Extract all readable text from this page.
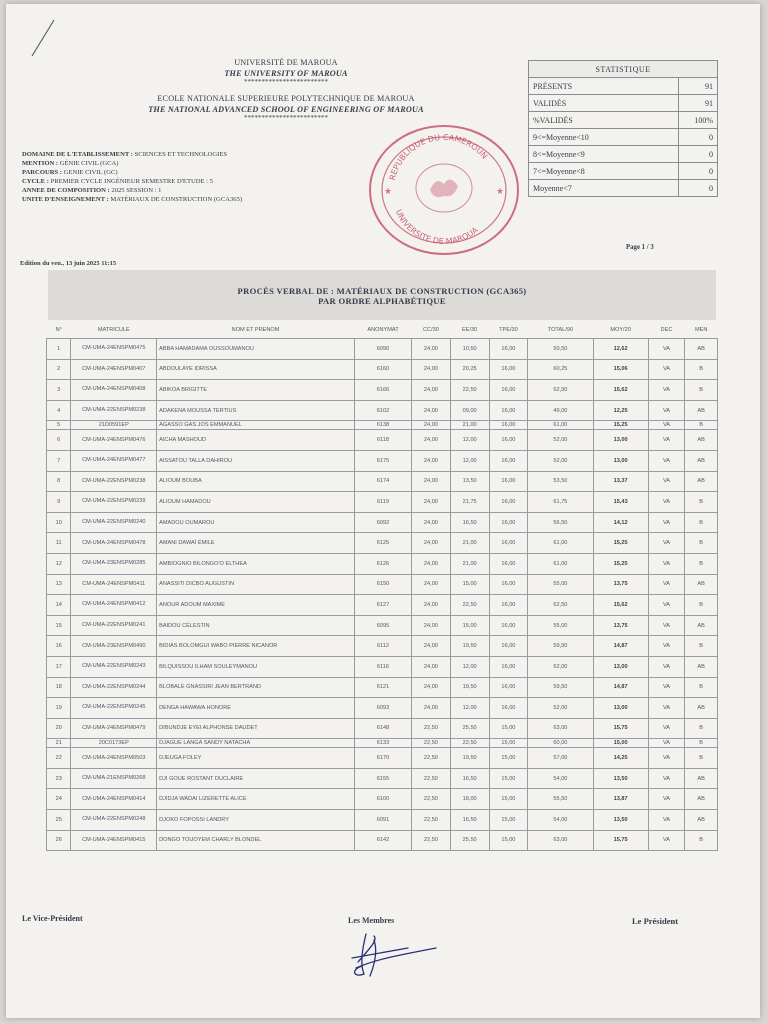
UNIVERSITÉ DE MAROUA
THE UNIVERSITY OF MAROUA
************************
ECOLE NATIONALE SUPERIEURE POLYTECHNIQUE DE MAROUA
THE NATIONAL ADVANCED SCHOOL OF ENGINEERING OF MAROUA
************************
DOMAINE DE L'ETABLISSEMENT : SCIENCES ET TECHNOLOGIES
MENTION : GÉNIE CIVIL (GCA)
PARCOURS : GENIE CIVIL (GC)
CYCLE : PREMIER CYCLE INGÉNIEUR SEMESTRE D'ETUDE : 5
ANNEE DE COMPOSITION : 2025 SESSION : 1
UNITE D'ENSEIGNEMENT : MATÉRIAUX DE CONSTRUCTION (GCA365)
STATISTIQUE	
PRÉSENTS	91
VALIDÉS	91
%VALIDÉS	100%
9<=Moyenne<10	0
8<=Moyenne<9	0
7<=Moyenne<8	0
Moyenne<7	0
REPUBLIQUE DU CAMEROUN
UNIVERSITE DE MAROUA
★	★
Edition du ven., 13 juin 2025 11:15
Page 1 / 3
PROCÈS VERBAL DE : MATÉRIAUX DE CONSTRUCTION (GCA365)
PAR ORDRE ALPHABÉTIQUE
N°	MATRICULE	NOM ET PRENOM	ANONYMAT	CC/30	EE/30	TPE/30	TOTAL/90	MOY/20	DEC	MEN
1	CM-UMA-24ENSPM0475	ABBA HAMADAMA OUSSOUMANOU	6090	24,00	10,50	16,00	50,50	12,62	VA	AB
2	CM-UMA-24ENSPM0407	ABDOULAYE IDRISSA	6160	24,00	20,25	16,00	60,25	15,06	VA	B
3	CM-UMA-24ENSPM0408	ABIKOA BRIGITTE	6166	24,00	22,50	16,00	62,50	15,62	VA	B
4	CM-UMA-22ENSPM0238	ADAKENA MOUSSA TERTIUS	6102	24,00	09,00	16,00	49,00	12,25	VA	AB
5	21D0591EP	AGASSO GAS JOS EMMANUEL	6138	24,00	21,00	16,00	61,00	15,25	VA	B
6	CM-UMA-24ENSPM0476	AICHA MASHOUD	6118	24,00	12,00	16,00	52,00	13,00	VA	AB
7	CM-UMA-24ENSPM0477	AISSATOU TALLA DAHIROU	6175	24,00	12,00	16,00	52,00	13,00	VA	AB
8	CM-UMA-22ENSPM0238	ALIOUM BOUBA	6174	24,00	13,50	16,00	53,50	13,37	VA	AB
9	CM-UMA-22ENSPM0239	ALIOUM HAMADOU	6119	24,00	21,75	16,00	61,75	15,43	VA	B
10	CM-UMA-22ENSPM0240	AMADOU OUMAROU	6092	24,00	16,50	16,00	56,50	14,12	VA	B
11	CM-UMA-24ENSPM0478	AMANI DAWAÏ ÉMILE	6125	24,00	21,00	16,00	61,00	15,25	VA	B
12	CM-UMA-23ENSPM0285	AMBIOGNIO BILONGO'O ELTHEA	6126	24,00	21,00	16,00	61,00	15,25	VA	B
13	CM-UMA-24ENSPM0411	ANASSITI DICBO AUGUSTIN	6150	24,00	15,00	16,00	55,00	13,75	VA	AB
14	CM-UMA-24ENSPM0412	ANOUR ADOUM MAXIME	6127	24,00	22,50	16,00	62,50	15,62	VA	B
15	CM-UMA-22ENSPM0241	BAIDOU CÉLESTIN	6095	24,00	15,00	16,00	55,00	13,75	VA	AB
16	CM-UMA-23ENSPM0490	BIDIAS BOLOMGUI WABO PIERRE NICANOR	6112	24,00	19,50	16,00	59,50	14,87	VA	B
17	CM-UMA-22ENSPM0243	BILQUISSOU ILHAM SOULEYMANOU	6116	24,00	12,00	16,00	52,00	13,00	VA	AB
18	CM-UMA-22ENSPM0244	BLOBALE GNASSIRI JEAN BERTRAND	6121	24,00	19,50	16,00	59,50	14,87	VA	B
19	CM-UMA-22ENSPM0245	DENGA HAWAWA HONORE	6093	24,00	12,00	16,00	52,00	13,00	VA	AB
20	CM-UMA-24ENSPM0479	DIBUNDJE EYEI ALPHONSE DAUDET	6148	22,50	25,50	15,00	63,00	15,75	VA	B
21	20C0173EP	DJAGUE LANGA SANDY NATACHA	6133	22,50	22,50	15,00	60,00	15,00	VA	B
22	CM-UMA-24ENSPM0503	DJEUGA FOLEY	6170	22,50	19,50	15,00	57,00	14,25	VA	B
23	CM-UMA-21ENSPM0268	DJI GOUE ROSTANT DUCLAIRE	6155	22,50	16,50	15,00	54,00	13,50	VA	AB
24	CM-UMA-24ENSPM0414	DJIDJA WADAI LIZERETTE ALICE	6100	22,50	18,00	15,00	55,50	13,87	VA	AB
25	CM-UMA-22ENSPM0248	DJOKO FOPOSSI LANDRY	6091	22,50	16,50	15,00	54,00	13,50	VA	AB
26	CM-UMA-24ENSPM0415	DONGO TOUOYEM CHARLY BLONDEL	6142	22,50	25,50	15,00	63,00	15,75	VA	B
Le Vice-Président	Les Membres	Le Président
